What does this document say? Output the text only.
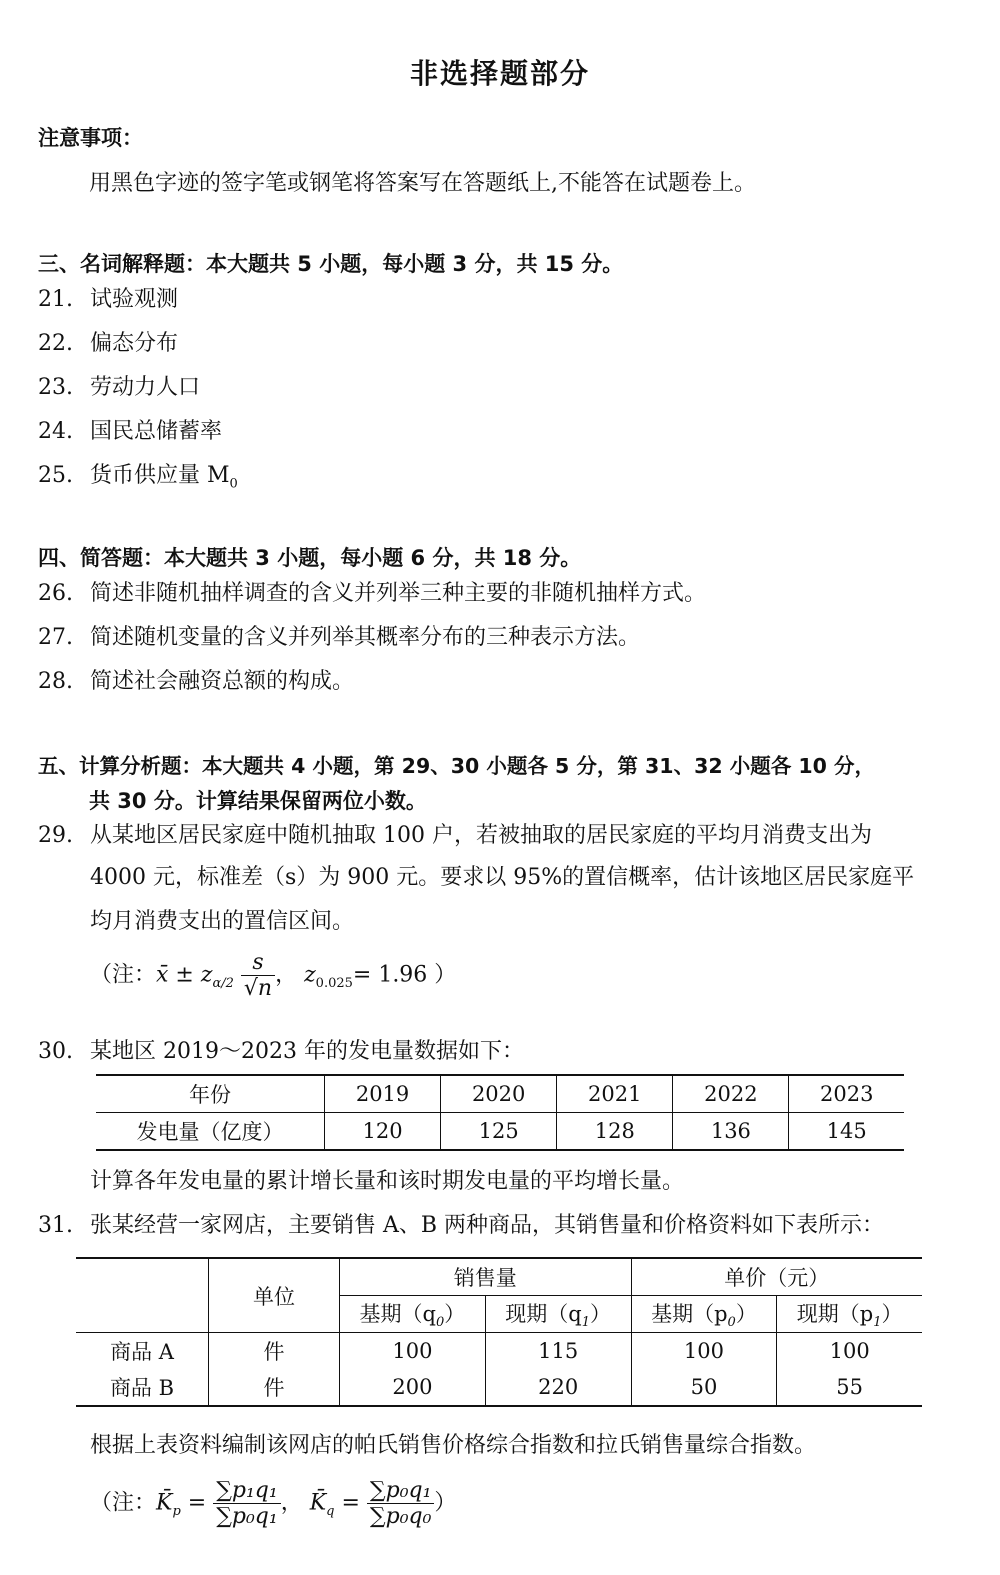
非选择题部分
注意事项：
用黑色字迹的签字笔或钢笔将答案写在答题纸上,不能答在试题卷上。
三、名词解释题：本大题共 5 小题，每小题 3 分，共 15 分。
21. 试验观测
22. 偏态分布
23. 劳动力人口
24. 国民总储蓄率
25. 货币供应量 $M_0$
四、简答题：本大题共 3 小题，每小题 6 分，共 18 分。
26. 简述非随机抽样调查的含义并列举三种主要的非随机抽样方式。
27. 简述随机变量的含义并列举其概率分布的三种表示方法。
28. 简述社会融资总额的构成。
五、计算分析题：本大题共 4 小题，第 29、30 小题各 5 分，第 31、32 小题各 10 分，
共 30 分。计算结果保留两位小数。
29. 从某地区居民家庭中随机抽取 100 户，若被抽取的居民家庭的平均月消费支出为
4000 元，标准差（s）为 900 元。要求以 95%的置信概率，估计该地区居民家庭平
均月消费支出的置信区间。
（注：x̄ ± $z_{\alpha/2} \frac{s}{√n}$ ， $z_{0.025}= 1.96$ ）
30. 某地区 2019～2023 年的发电量数据如下：
年份	2019	2020	2021	2022	2023
发电量（亿度）	120	125	128	136	145
计算各年发电量的累计增长量和该时期发电量的平均增长量。
31. 张某经营一家网店，主要销售 A、B 两种商品，其销售量和价格资料如下表所示：
	单位	销售量		单价（元）	
		基期$(q_0)$	现期$(q_1)$	基期$(p_0)$	现期$(p_1)$
商品 A	件	100	115	100	100
商品 B	件	200	220	50	55
根据上表资料编制该网店的帕氏销售价格综合指数和拉氏销售量综合指数。
（注：$K̄_p = \frac{\text{∑p₁q₁}}{\text{∑p₀q₁}}$ ， $K̄_q = \frac{\text{∑p₀q₁}}{\text{∑p₀q₀}}$ ）
